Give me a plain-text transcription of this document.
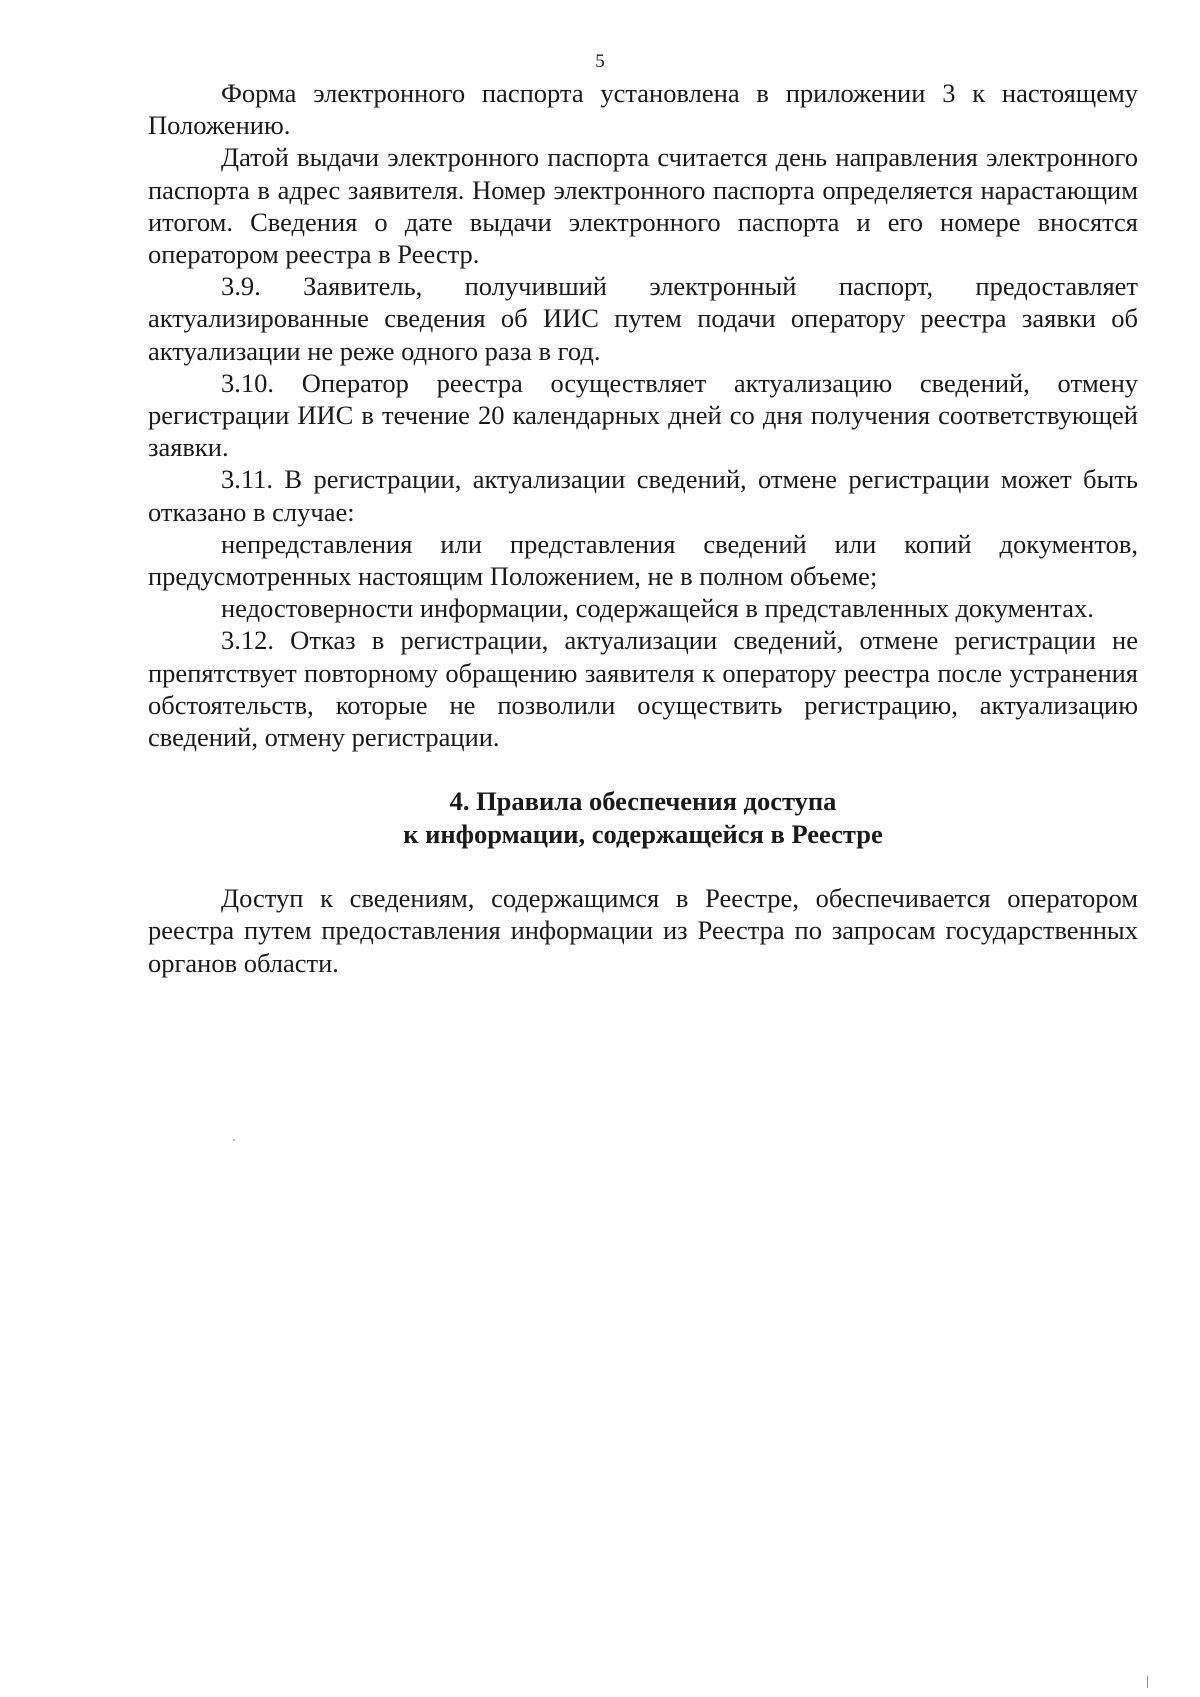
5

Форма электронного паспорта установлена в приложении 3 к настоящему Положению.

Датой выдачи электронного паспорта считается день направления электронного паспорта в адрес заявителя. Номер электронного паспорта определяется нарастающим итогом. Сведения о дате выдачи электронного паспорта и его номере вносятся оператором реестра в Реестр.

3.9. Заявитель, получивший электронный паспорт, предоставляет актуализированные сведения об ИИС путем подачи оператору реестра заявки об актуализации не реже одного раза в год.

3.10. Оператор реестра осуществляет актуализацию сведений, отмену регистрации ИИС в течение 20 календарных дней со дня получения соответствующей заявки.

3.11. В регистрации, актуализации сведений, отмене регистрации может быть отказано в случае:

непредставления или представления сведений или копий документов, предусмотренных настоящим Положением, не в полном объеме;

недостоверности информации, содержащейся в представленных документах.

3.12. Отказ в регистрации, актуализации сведений, отмене регистрации не препятствует повторному обращению заявителя к оператору реестра после устранения обстоятельств, которые не позволили осуществить регистрацию, актуализацию сведений, отмену регистрации.

4. Правила обеспечения доступа
к информации, содержащейся в Реестре

Доступ к сведениям, содержащимся в Реестре, обеспечивается оператором реестра путем предоставления информации из Реестра по запросам государственных органов области.
